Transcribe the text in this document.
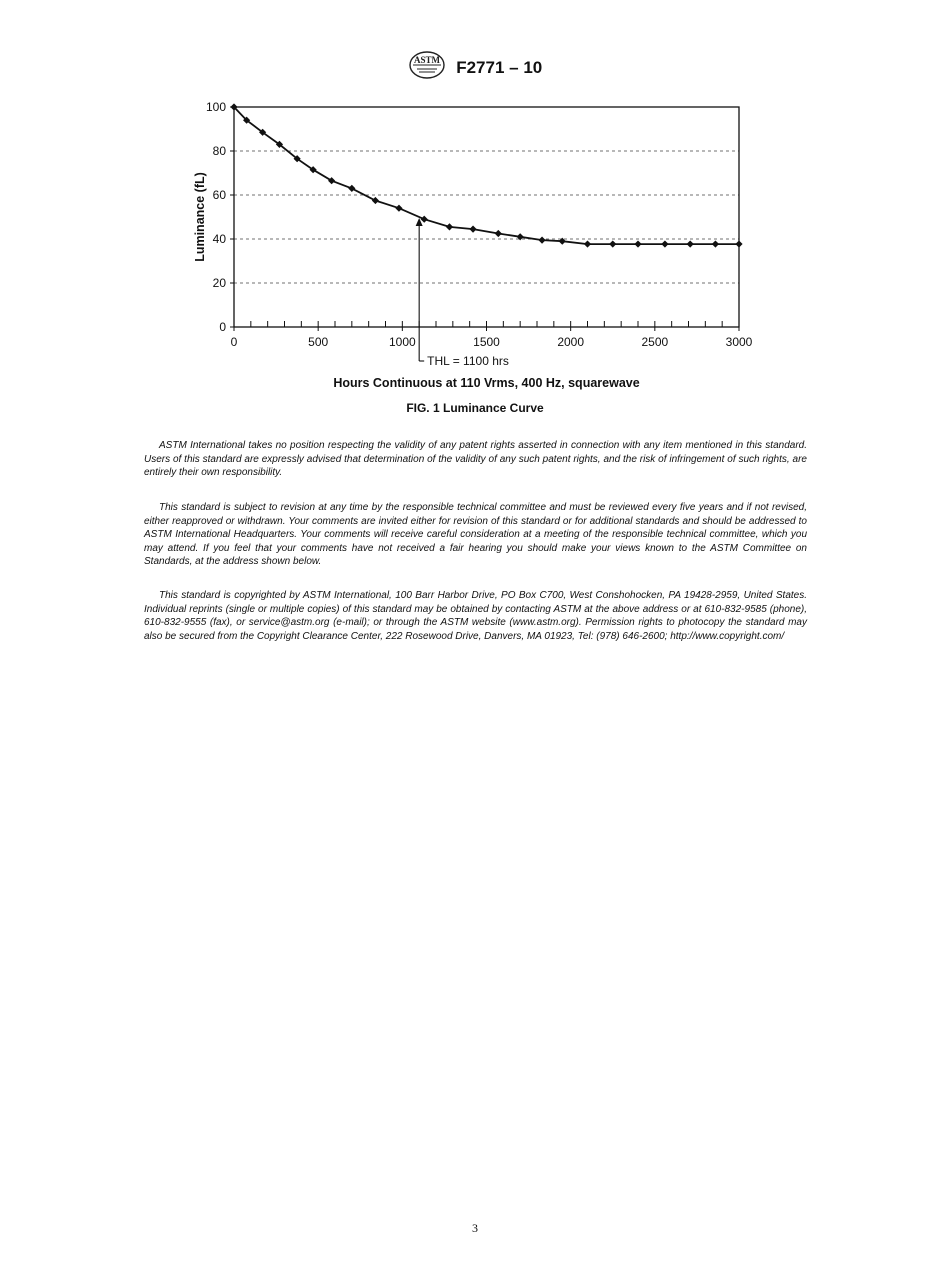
ASTM F2771 – 10
0
20
40
60
80
100
0	500	1000	1500	2000	2500	3000
THL = 1100 hrs
Luminance (fL)
Hours Continuous at 110 Vrms, 400 Hz, squarewave
FIG. 1 Luminance Curve

ASTM International takes no position respecting the validity of any patent rights asserted in connection with any item mentioned in this standard. Users of this standard are expressly advised that determination of the validity of any such patent rights, and the risk of infringement of such rights, are entirely their own responsibility.

This standard is subject to revision at any time by the responsible technical committee and must be reviewed every five years and if not revised, either reapproved or withdrawn. Your comments are invited either for revision of this standard or for additional standards and should be addressed to ASTM International Headquarters. Your comments will receive careful consideration at a meeting of the responsible technical committee, which you may attend. If you feel that your comments have not received a fair hearing you should make your views known to the ASTM Committee on Standards, at the address shown below.

This standard is copyrighted by ASTM International, 100 Barr Harbor Drive, PO Box C700, West Conshohocken, PA 19428-2959, United States. Individual reprints (single or multiple copies) of this standard may be obtained by contacting ASTM at the above address or at 610-832-9585 (phone), 610-832-9555 (fax), or service@astm.org (e-mail); or through the ASTM website (www.astm.org). Permission rights to photocopy the standard may also be secured from the Copyright Clearance Center, 222 Rosewood Drive, Danvers, MA 01923, Tel: (978) 646-2600; http://www.copyright.com/

3
